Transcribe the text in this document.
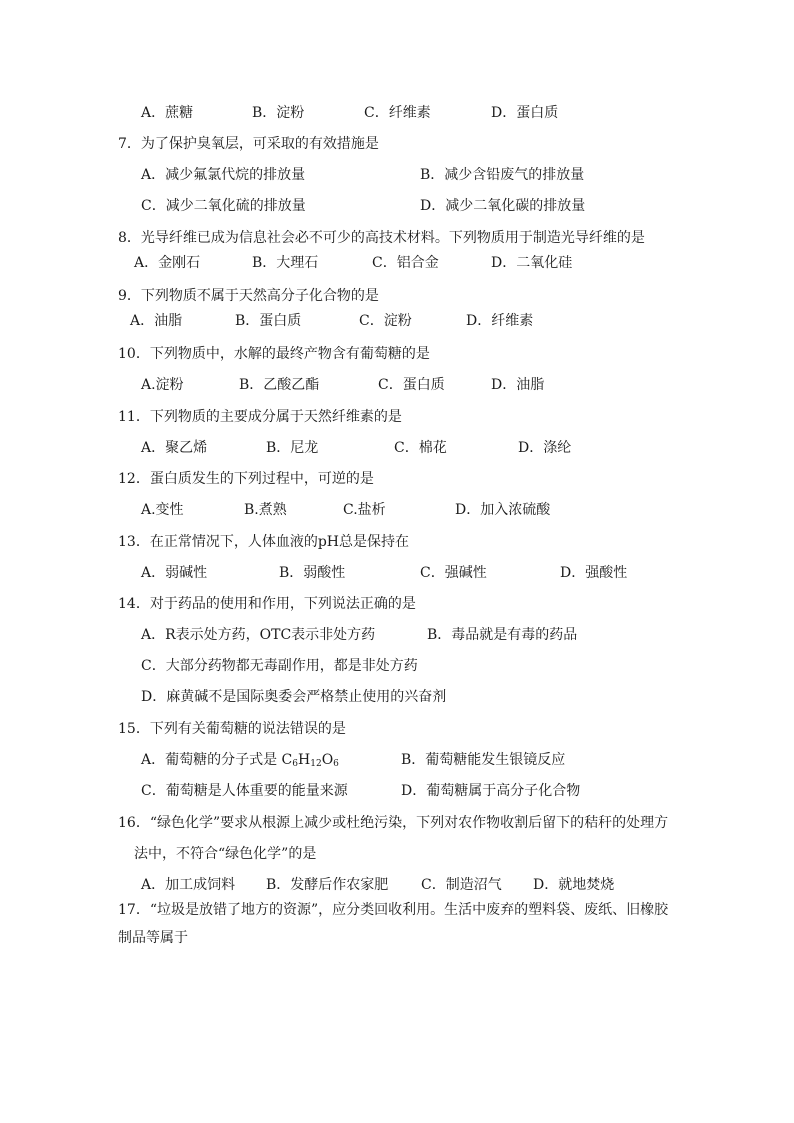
A．蔗糖	B．淀粉	C．纤维素	D．蛋白质
7．为了保护臭氧层，可采取的有效措施是
A．减少氟氯代烷的排放量	B．减少含铅废气的排放量
C．减少二氧化硫的排放量	D．减少二氧化碳的排放量
8．光导纤维已成为信息社会必不可少的高技术材料。下列物质用于制造光导纤维的是
A．金刚石	B．大理石	C．铝合金	D．二氧化硅
9．下列物质不属于天然高分子化合物的是
A．油脂	B．蛋白质	C．淀粉	D．纤维素
10．下列物质中，水解的最终产物含有葡萄糖的是
A.淀粉	B．乙酸乙酯	C．蛋白质	D．油脂
11．下列物质的主要成分属于天然纤维素的是
A．聚乙烯	B．尼龙	C．棉花	D．涤纶
12．蛋白质发生的下列过程中，可逆的是
A.变性	B.煮熟	C.盐析	D．加入浓硫酸
13．在正常情况下，人体血液的pH总是保持在
A．弱碱性	B．弱酸性	C．强碱性	D．强酸性
14．对于药品的使用和作用，下列说法正确的是
A．R表示处方药，OTC表示非处方药	B．毒品就是有毒的药品
C．大部分药物都无毒副作用，都是非处方药
D．麻黄碱不是国际奥委会严格禁止使用的兴奋剂
15．下列有关葡萄糖的说法错误的是
A．葡萄糖的分子式是 $C_6H_{12}O_6$	B．葡萄糖能发生银镜反应
C．葡萄糖是人体重要的能量来源	D．葡萄糖属于高分子化合物
16．“绿色化学”要求从根源上减少或杜绝污染，下列对农作物收割后留下的秸秆的处理方
法中，不符合“绿色化学”的是
A．加工成饲料 B．发酵后作农家肥 C．制造沼气 D．就地焚烧
17．“垃圾是放错了地方的资源”，应分类回收利用。生活中废弃的塑料袋、废纸、旧橡胶
制品等属于
